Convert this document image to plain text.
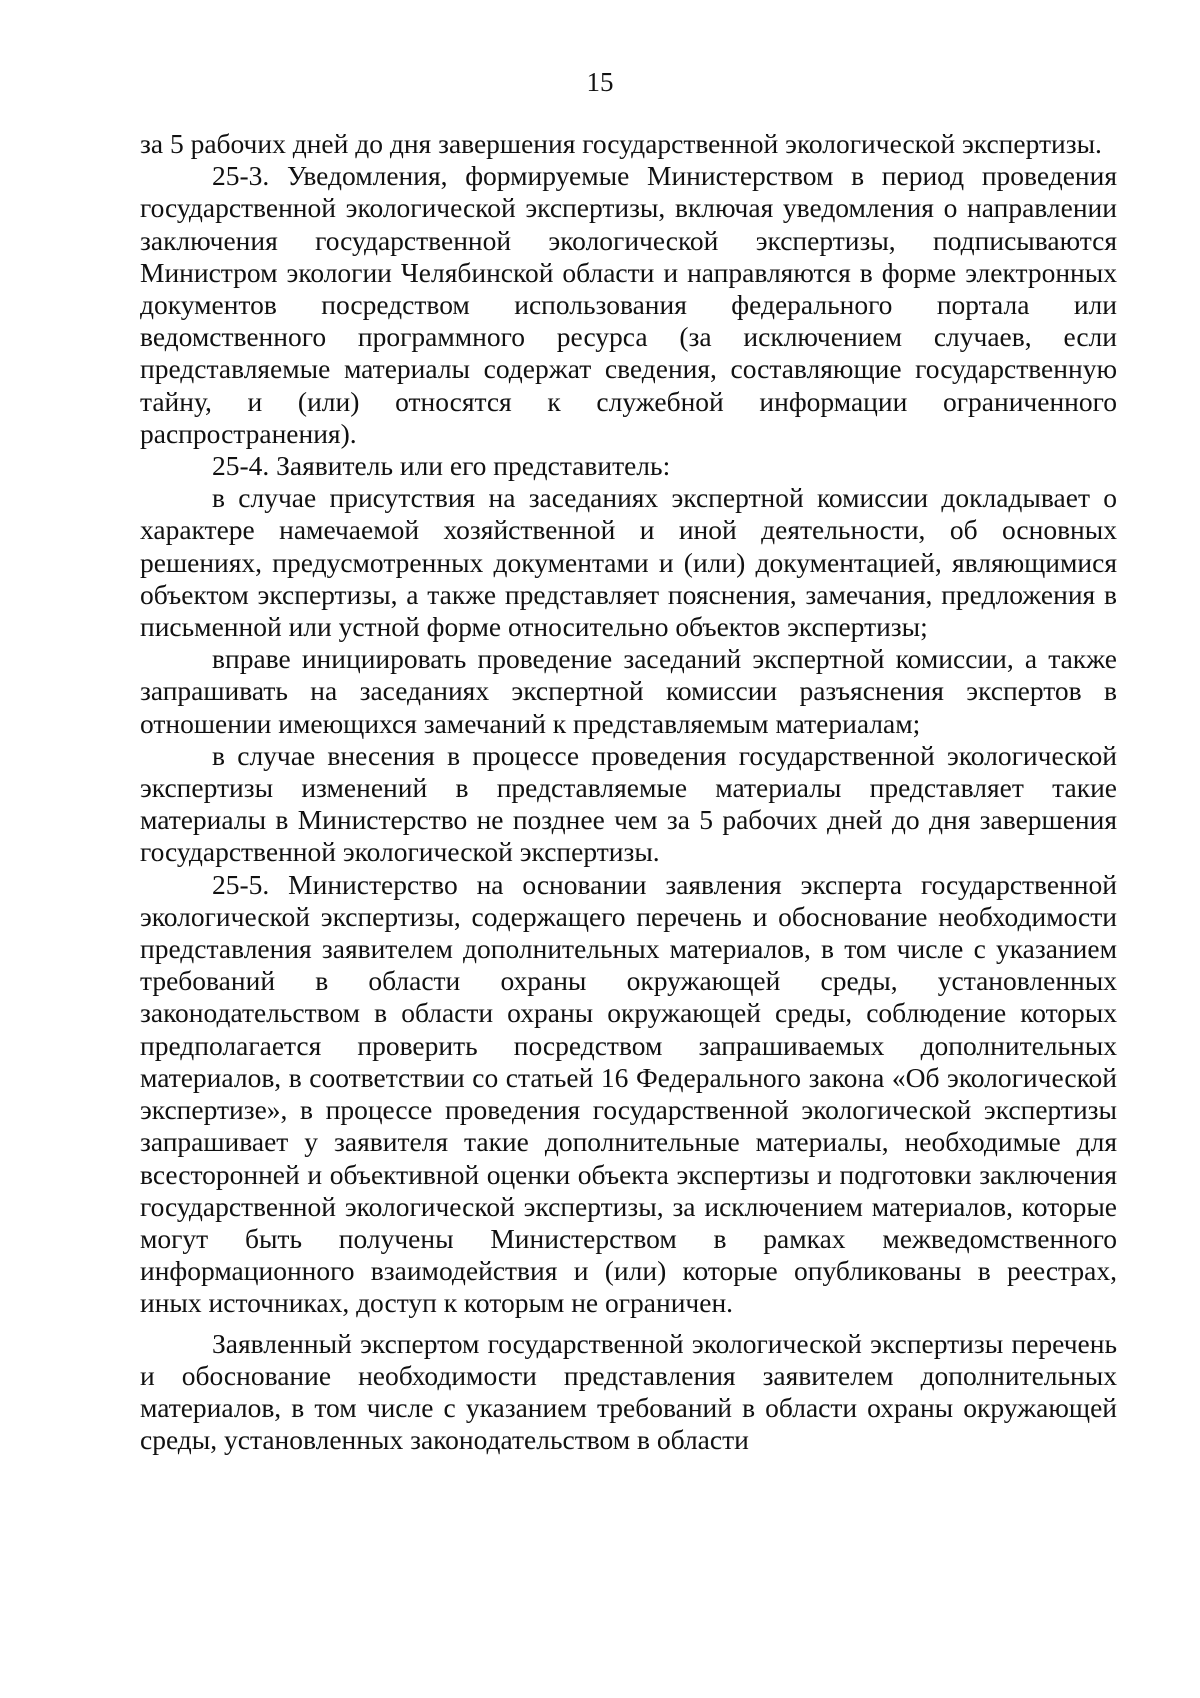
15

за 5 рабочих дней до дня завершения государственной экологической экспертизы.

25-3. Уведомления, формируемые Министерством в период проведения государственной экологической экспертизы, включая уведомления о направлении заключения государственной экологической экспертизы, подписываются Министром экологии Челябинской области и направляются в форме электронных документов посредством использования федерального портала или ведомственного программного ресурса (за исключением случаев, если представляемые материалы содержат сведения, составляющие государственную тайну, и (или) относятся к служебной информации ограниченного распространения).

25-4. Заявитель или его представитель:

в случае присутствия на заседаниях экспертной комиссии докладывает о характере намечаемой хозяйственной и иной деятельности, об основных решениях, предусмотренных документами и (или) документацией, являющимися объектом экспертизы, а также представляет пояснения, замечания, предложения в письменной или устной форме относительно объектов экспертизы;

вправе инициировать проведение заседаний экспертной комиссии, а также запрашивать на заседаниях экспертной комиссии разъяснения экспертов в отношении имеющихся замечаний к представляемым материалам;

в случае внесения в процессе проведения государственной экологической экспертизы изменений в представляемые материалы представляет такие материалы в Министерство не позднее чем за 5 рабочих дней до дня завершения государственной экологической экспертизы.

25-5. Министерство на основании заявления эксперта государственной экологической экспертизы, содержащего перечень и обоснование необходимости представления заявителем дополнительных материалов, в том числе с указанием требований в области охраны окружающей среды, установленных законодательством в области охраны окружающей среды, соблюдение которых предполагается проверить посредством запрашиваемых дополнительных материалов, в соответствии со статьей 16 Федерального закона «Об экологической экспертизе», в процессе проведения государственной экологической экспертизы запрашивает у заявителя такие дополнительные материалы, необходимые для всесторонней и объективной оценки объекта экспертизы и подготовки заключения государственной экологической экспертизы, за исключением материалов, которые могут быть получены Министерством в рамках межведомственного информационного взаимодействия и (или) которые опубликованы в реестрах, иных источниках, доступ к которым не ограничен.

Заявленный экспертом государственной экологической экспертизы перечень и обоснование необходимости представления заявителем дополнительных материалов, в том числе с указанием требований в области охраны окружающей среды, установленных законодательством в области
